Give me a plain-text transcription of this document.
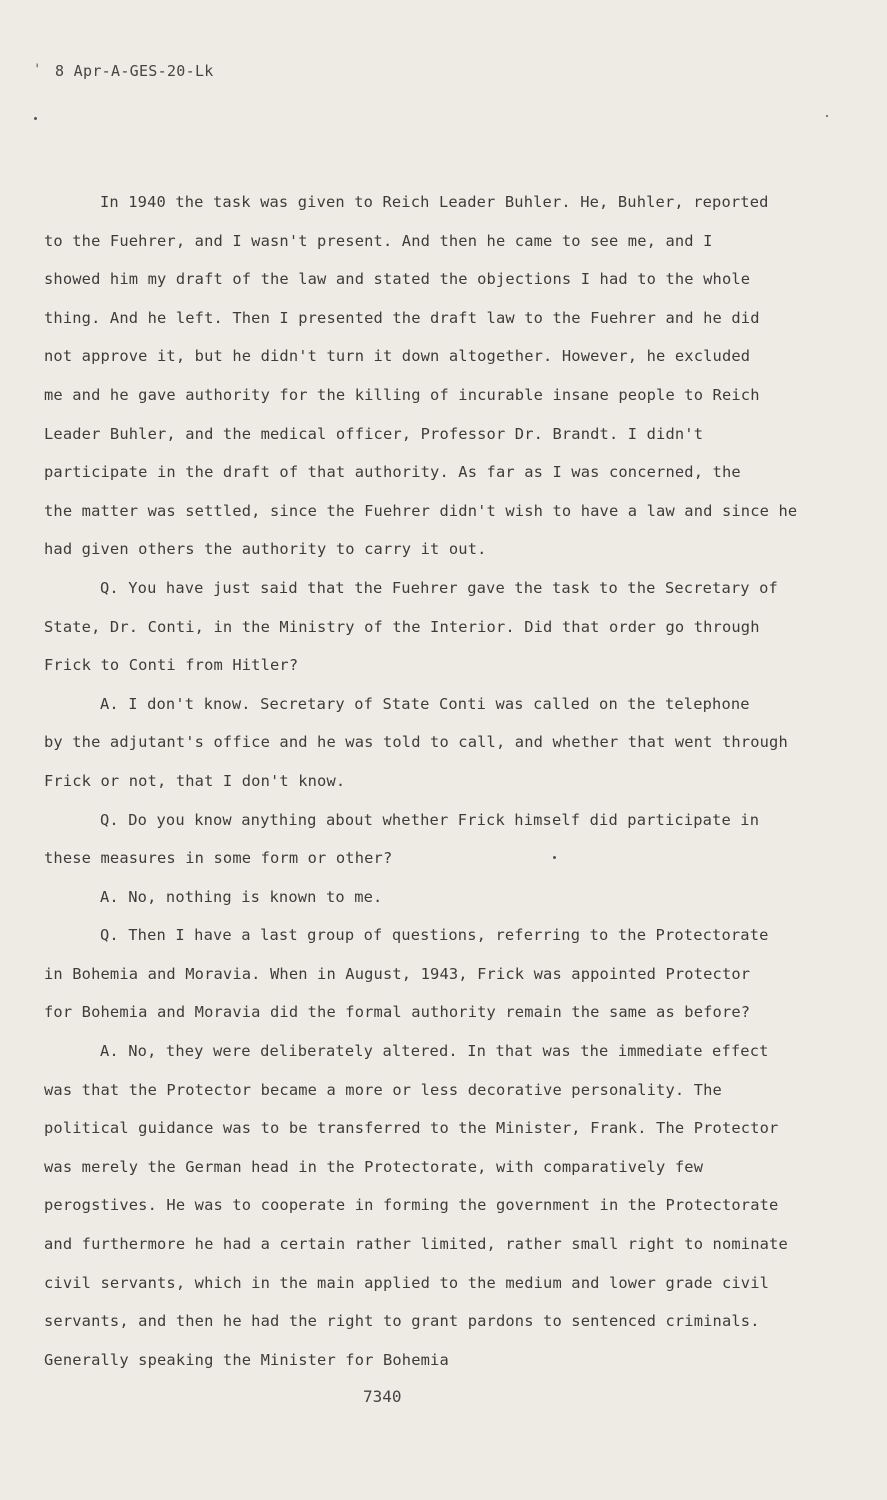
' 8 Apr-A-GES-20-Lk

In 1940 the task was given to Reich Leader Buhler. He, Buhler, reported

to the Fuehrer, and I wasn't present. And then he came to see me, and I

showed him my draft of the law and stated the objections I had to the whole

thing. And he left. Then I presented the draft law to the Fuehrer and he did

not approve it, but he didn't turn it down altogether. However, he excluded

me and he gave authority for the killing of incurable insane people to Reich

Leader Buhler, and the medical officer, Professor Dr. Brandt. I didn't

participate in the draft of that authority. As far as I was concerned, the

the matter was settled, since the Fuehrer didn't wish to have a law and since he

had given others the authority to carry it out.

Q. You have just said that the Fuehrer gave the task to the Secretary of

State, Dr. Conti, in the Ministry of the Interior. Did that order go through

Frick to Conti from Hitler?

A. I don't know. Secretary of State Conti was called on the telephone

by the adjutant's office and he was told to call, and whether that went through

Frick or not, that I don't know.

Q. Do you know anything about whether Frick himself did participate in

these measures in some form or other?

A. No, nothing is known to me.

Q. Then I have a last group of questions, referring to the Protectorate

in Bohemia and Moravia. When in August, 1943, Frick was appointed Protector

for Bohemia and Moravia did the formal authority remain the same as before?

A. No, they were deliberately altered. In that was the immediate effect

was that the Protector became a more or less decorative personality. The

political guidance was to be transferred to the Minister, Frank. The Protector

was merely the German head in the Protectorate, with comparatively few

perogstives. He was to cooperate in forming the government in the Protectorate

and furthermore he had a certain rather limited, rather small right to nominate

civil servants, which in the main applied to the medium and lower grade civil

servants, and then he had the right to grant pardons to sentenced criminals.

Generally speaking the Minister for Bohemia

7340
